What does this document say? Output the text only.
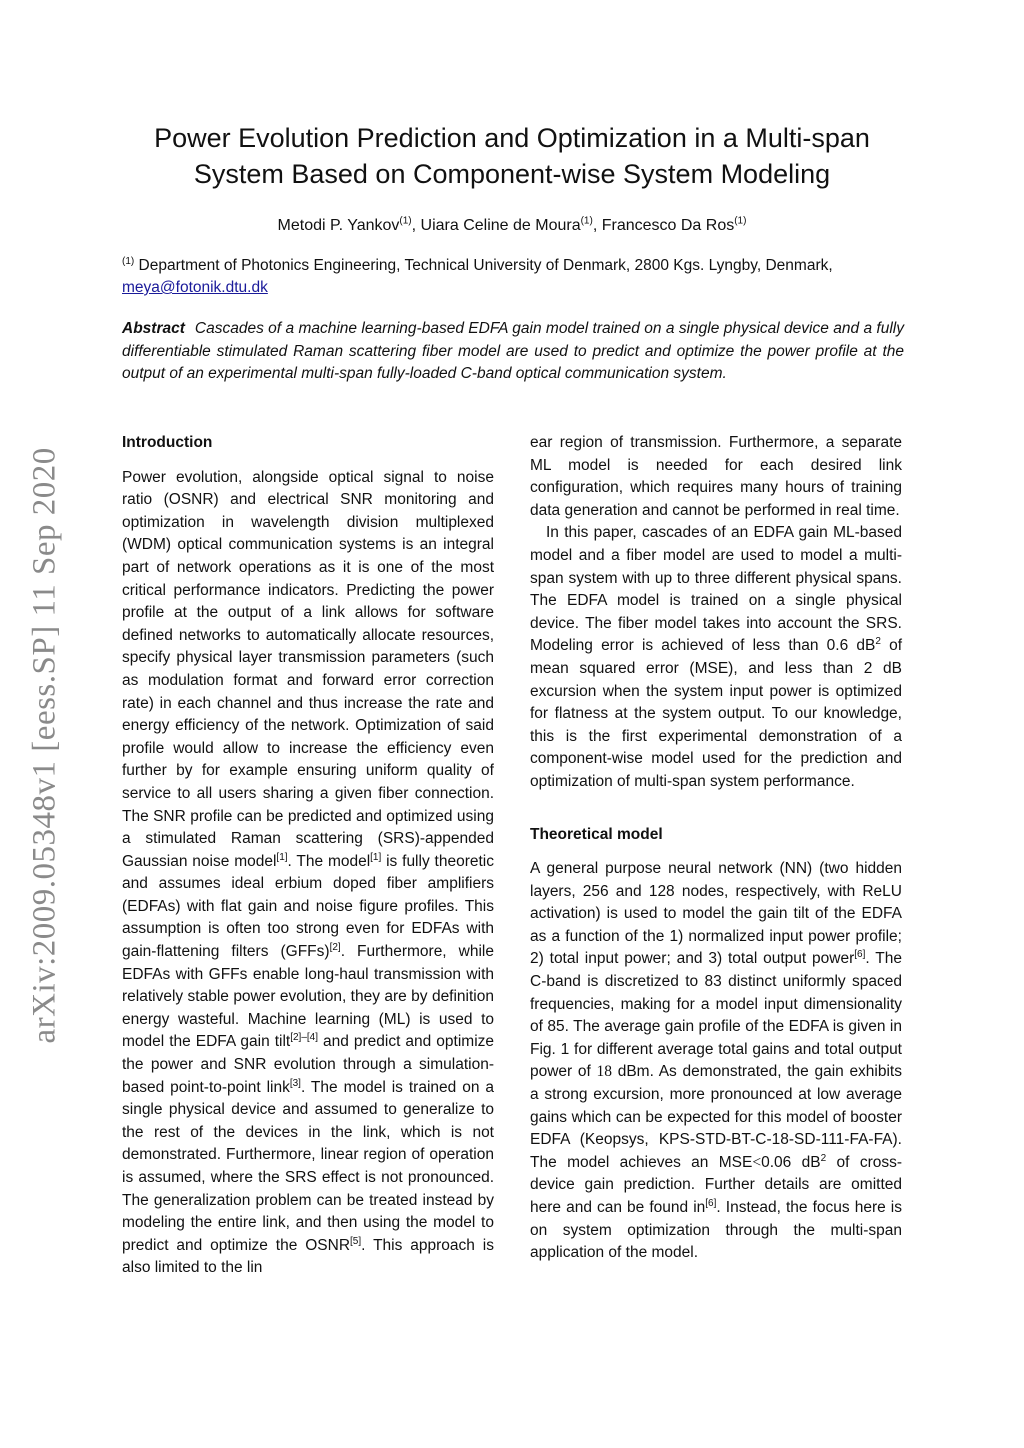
arXiv:2009.05348v1 [eess.SP] 11 Sep 2020
Power Evolution Prediction and Optimization in a Multi-span System Based on Component-wise System Modeling
Metodi P. Yankov$^{(1)}$, Uiara Celine de Moura$^{(1)}$, Francesco Da Ros$^{(1)}$
$^{(1)}$ Department of Photonics Engineering, Technical University of Denmark, 2800 Kgs. Lyngby, Denmark,
meya@fotonik.dtu.dk
Abstract Cascades of a machine learning-based EDFA gain model trained on a single physical device and a fully differentiable stimulated Raman scattering fiber model are used to predict and optimize the power profile at the output of an experimental multi-span fully-loaded C-band optical communication system.
Introduction

Power evolution, alongside optical signal to noise ratio (OSNR) and electrical SNR monitoring and optimization in wavelength division multiplexed (WDM) optical communication systems is an integral part of network operations as it is one of the most critical performance indicators. Predicting the power profile at the output of a link allows for software defined networks to automatically allocate resources, specify physical layer transmission parameters (such as modulation format and forward error correction rate) in each channel and thus increase the rate and energy efficiency of the network. Optimization of said profile would allow to increase the efficiency even further by for example ensuring uniform quality of service to all users sharing a given fiber connection. The SNR profile can be predicted and optimized using a stimulated Raman scattering (SRS)-appended Gaussian noise model[1]. The model[1] is fully theoretic and assumes ideal erbium doped fiber amplifiers (EDFAs) with flat gain and noise figure profiles. This assumption is often too strong even for EDFAs with gain-flattening filters (GFFs)[2]. Furthermore, while EDFAs with GFFs enable long-haul transmission with relatively stable power evolution, they are by definition energy wasteful. Machine learning (ML) is used to model the EDFA gain tilt[2]–[4] and predict and optimize the power and SNR evolution through a simulation-based point-to-point link[3]. The model is trained on a single physical device and assumed to generalize to the rest of the devices in the link, which is not demonstrated. Furthermore, linear region of operation is assumed, where the SRS effect is not pronounced. The generalization problem can be treated instead by modeling the entire link, and then using the model to predict and optimize the OSNR[5]. This approach is also limited to the lin

ear region of transmission. Furthermore, a separate ML model is needed for each desired link configuration, which requires many hours of training data generation and cannot be performed in real time.

In this paper, cascades of an EDFA gain ML-based model and a fiber model are used to model a multi-span system with up to three different physical spans. The EDFA model is trained on a single physical device. The fiber model takes into account the SRS. Modeling error is achieved of less than 0.6 $dB^2$ of mean squared error (MSE), and less than 2 dB excursion when the system input power is optimized for flatness at the system output. To our knowledge, this is the first experimental demonstration of a component-wise model used for the prediction and optimization of multi-span system performance.

Theoretical model

A general purpose neural network (NN) (two hidden layers, 256 and 128 nodes, respectively, with ReLU activation) is used to model the gain tilt of the EDFA as a function of the 1) normalized input power profile; 2) total input power; and 3) total output power[6]. The C-band is discretized to 83 distinct uniformly spaced frequencies, making for a model input dimensionality of 85. The average gain profile of the EDFA is given in Fig. 1 for different average total gains and total output power of 18 dBm. As demonstrated, the gain exhibits a strong excursion, more pronounced at low average gains which can be expected for this model of booster EDFA (Keopsys, KPS-STD-BT-C-18-SD-111-FA-FA). The model achieves an MSE<0.06 $dB^2$ of cross-device gain prediction. Further details are omitted here and can be found in[6]. Instead, the focus here is on system optimization through the multi-span application of the model.
